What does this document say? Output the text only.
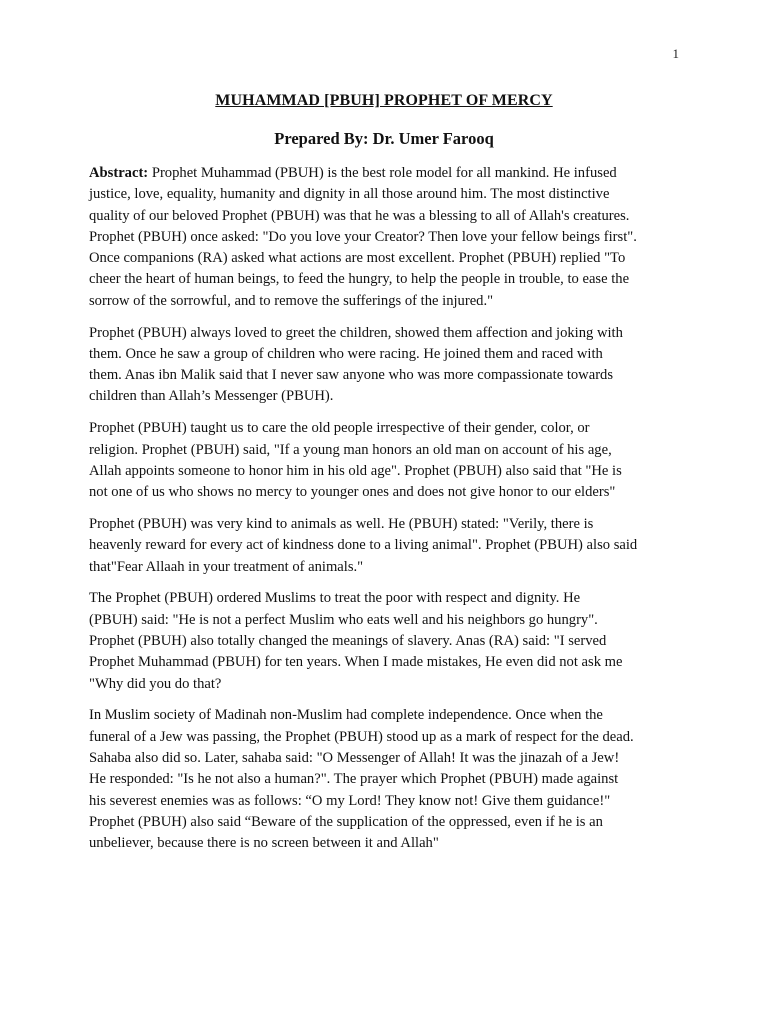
1
MUHAMMAD [PBUH] PROPHET OF MERCY
Prepared By: Dr. Umer Farooq

Abstract: Prophet Muhammad (PBUH) is the best role model for all mankind. He infused
justice, love, equality, humanity and dignity in all those around him. The most distinctive
quality of our beloved Prophet (PBUH) was that he was a blessing to all of Allah's creatures.
Prophet (PBUH) once asked: "Do you love your Creator? Then love your fellow beings first".
Once companions (RA) asked what actions are most excellent. Prophet (PBUH) replied "To
cheer the heart of human beings, to feed the hungry, to help the people in trouble, to ease the
sorrow of the sorrowful, and to remove the sufferings of the injured."

Prophet (PBUH) always loved to greet the children, showed them affection and joking with
them. Once he saw a group of children who were racing. He joined them and raced with
them. Anas ibn Malik said that I never saw anyone who was more compassionate towards
children than Allah’s Messenger (PBUH).

Prophet (PBUH) taught us to care the old people irrespective of their gender, color, or
religion. Prophet (PBUH) said, "If a young man honors an old man on account of his age,
Allah appoints someone to honor him in his old age". Prophet (PBUH) also said that "He is
not one of us who shows no mercy to younger ones and does not give honor to our elders"

Prophet (PBUH) was very kind to animals as well. He (PBUH) stated: "Verily, there is
heavenly reward for every act of kindness done to a living animal". Prophet (PBUH) also said
that"Fear Allaah in your treatment of animals."

The Prophet (PBUH) ordered Muslims to treat the poor with respect and dignity. He
(PBUH) said: "He is not a perfect Muslim who eats well and his neighbors go hungry".
Prophet (PBUH) also totally changed the meanings of slavery. Anas (RA) said: "I served
Prophet Muhammad (PBUH) for ten years. When I made mistakes, He even did not ask me
"Why did you do that?

In Muslim society of Madinah non-Muslim had complete independence. Once when the
funeral of a Jew was passing, the Prophet (PBUH) stood up as a mark of respect for the dead.
Sahaba also did so. Later, sahaba said: "O Messenger of Allah! It was the jinazah of a Jew!
He responded: "Is he not also a human?". The prayer which Prophet (PBUH) made against
his severest enemies was as follows: “O my Lord! They know not! Give them guidance!"
Prophet (PBUH) also said “Beware of the supplication of the oppressed, even if he is an
unbeliever, because there is no screen between it and Allah"
